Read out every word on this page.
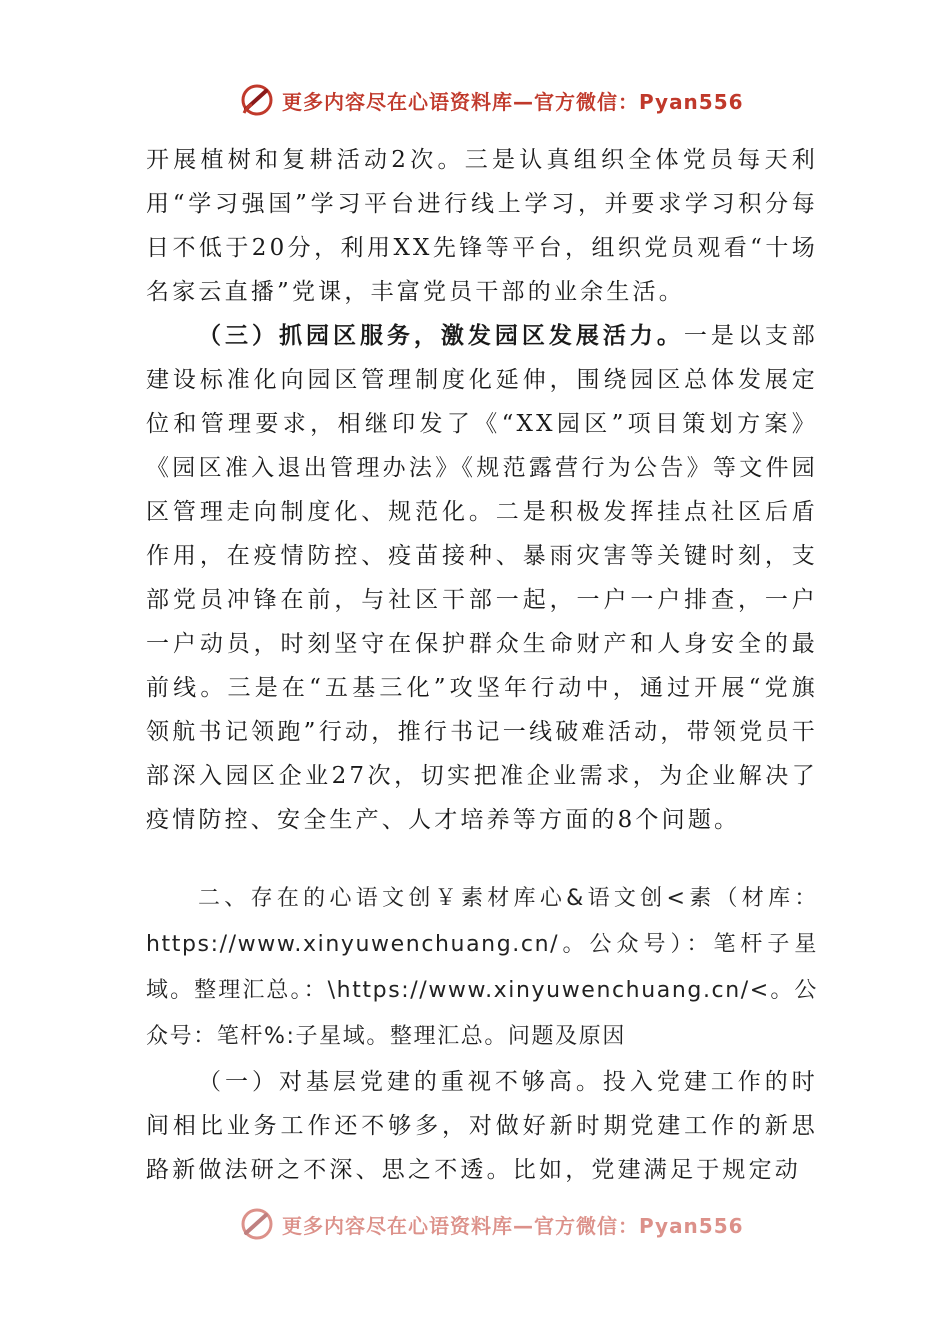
更多内容尽在心语资料库—官方微信：Pyan556

开展植树和复耕活动2次。三是认真组织全体党员每天利用“学习强国”学习平台进行线上学习，并要求学习积分每日不低于20分，利用XX先锋等平台，组织党员观看“十场名家云直播”党课，丰富党员干部的业余生活。

（三）抓园区服务，激发园区发展活力。一是以支部建设标准化向园区管理制度化延伸，围绕园区总体发展定位和管理要求，相继印发了《“XX园区”项目策划方案》《园区准入退出管理办法》《规范露营行为公告》等文件园区管理走向制度化、规范化。二是积极发挥挂点社区后盾作用，在疫情防控、疫苗接种、暴雨灾害等关键时刻，支部党员冲锋在前，与社区干部一起，一户一户排查，一户一户动员，时刻坚守在保护群众生命财产和人身安全的最前线。三是在“五基三化”攻坚年行动中，通过开展“党旗领航书记领跑”行动，推行书记一线破难活动，带领党员干部深入园区企业27次，切实把准企业需求，为企业解决了疫情防控、安全生产、人才培养等方面的8个问题。

二、存在的心语文创￥素材库心&语文创<素（材库：https://www.xinyuwenchuang.cn/。公众号）：笔杆子星域。整理汇总。：\https://www.xinyuwenchuang.cn/<。公众号：笔杆%:子星域。整理汇总。问题及原因

（一）对基层党建的重视不够高。投入党建工作的时间相比业务工作还不够多，对做好新时期党建工作的新思路新做法研之不深、思之不透。比如，党建满足于规定动

更多内容尽在心语资料库—官方微信：Pyan556
